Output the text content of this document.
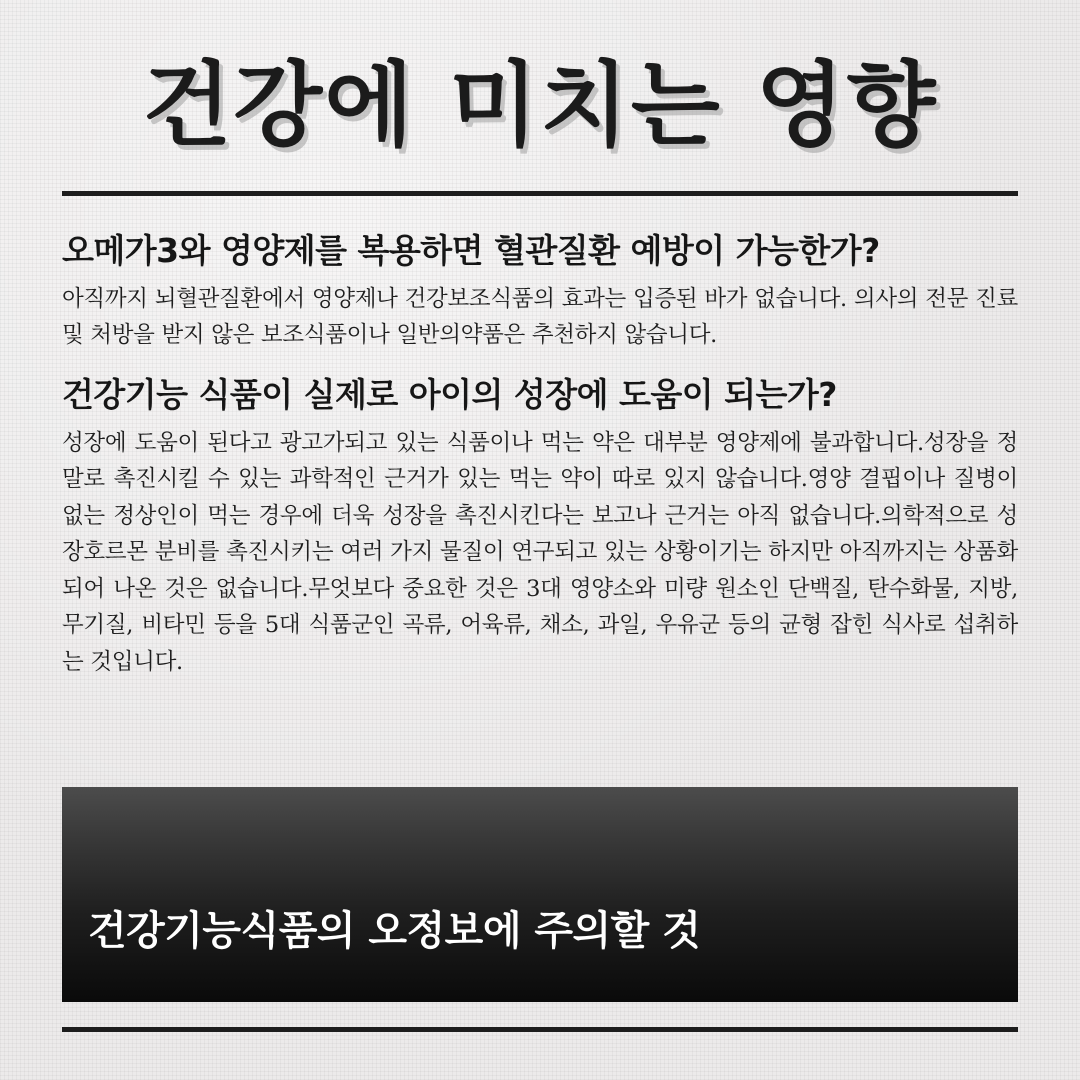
건강에 미치는 영향
오메가3와 영양제를 복용하면 혈관질환 예방이 가능한가?
아직까지 뇌혈관질환에서 영양제나 건강보조식품의 효과는 입증된 바가 없습니다. 의사의 전문 진료 및 처방을 받지 않은 보조식품이나 일반의약품은 추천하지 않습니다.
건강기능 식품이 실제로 아이의 성장에 도움이 되는가?
성장에 도움이 된다고 광고가되고 있는 식품이나 먹는 약은 대부분 영양제에 불과합니다.성장을 정말로 촉진시킬 수 있는 과학적인 근거가 있는 먹는 약이 따로 있지 않습니다.영양 결핍이나 질병이 없는 정상인이 먹는 경우에 더욱 성장을 촉진시킨다는 보고나 근거는 아직 없습니다.의학적으로 성장호르몬 분비를 촉진시키는 여러 가지 물질이 연구되고 있는 상황이기는 하지만 아직까지는 상품화되어 나온 것은 없습니다.무엇보다 중요한 것은 3대 영양소와 미량 원소인 단백질, 탄수화물, 지방, 무기질, 비타민 등을 5대 식품군인 곡류, 어육류, 채소, 과일, 우유군 등의 균형 잡힌 식사로 섭취하는 것입니다.
건강기능식품의 오정보에 주의할 것
